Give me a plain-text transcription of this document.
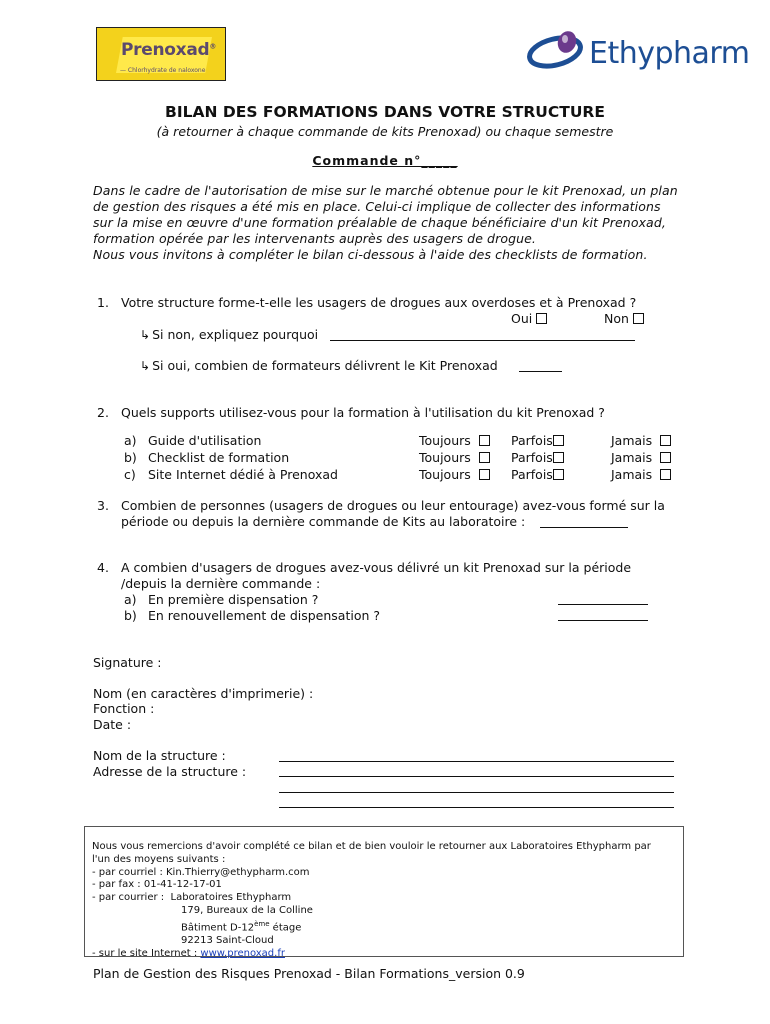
Prenoxad®
— Chlorhydrate de naloxone	Ethypharm
BILAN DES FORMATIONS DANS VOTRE STRUCTURE
(à retourner à chaque commande de kits Prenoxad) ou chaque semestre
Commande n°_____
Dans le cadre de l'autorisation de mise sur le marché obtenue pour le kit Prenoxad, un plan
de gestion des risques a été mis en place. Celui-ci implique de collecter des informations
sur la mise en œuvre d'une formation préalable de chaque bénéficiaire d'un kit Prenoxad,
formation opérée par les intervenants auprès des usagers de drogue.
Nous vous invitons à compléter le bilan ci-dessous à l'aide des checklists de formation.
1. Votre structure forme-t-elle les usagers de drogues aux overdoses et à Prenoxad ?
Oui	Non
↳ Si non, expliquez pourquoi
↳ Si oui, combien de formateurs délivrent le Kit Prenoxad
2. Quels supports utilisez-vous pour la formation à l'utilisation du kit Prenoxad ?
a) Guide d'utilisation	Toujours	Parfois	Jamais
b) Checklist de formation	Toujours	Parfois	Jamais
c) Site Internet dédié à Prenoxad	Toujours	Parfois	Jamais
3. Combien de personnes (usagers de drogues ou leur entourage) avez-vous formé sur la
période ou depuis la dernière commande de Kits au laboratoire :
4. A combien d'usagers de drogues avez-vous délivré un kit Prenoxad sur la période
/depuis la dernière commande :
a) En première dispensation ?
b) En renouvellement de dispensation ?
Signature :
Nom (en caractères d'imprimerie) :
Fonction :
Date :
Nom de la structure :
Adresse de la structure :
Nous vous remercions d'avoir complété ce bilan et de bien vouloir le retourner aux Laboratoires Ethypharm par
l'un des moyens suivants :
- par courriel : Kin.Thierry@ethypharm.com
- par fax : 01-41-12-17-01
- par courrier : Laboratoires Ethypharm
179, Bureaux de la Colline
Bâtiment D-12ème étage
92213 Saint-Cloud
- sur le site Internet : www.prenoxad.fr
Plan de Gestion des Risques Prenoxad - Bilan Formations_version 0.9
